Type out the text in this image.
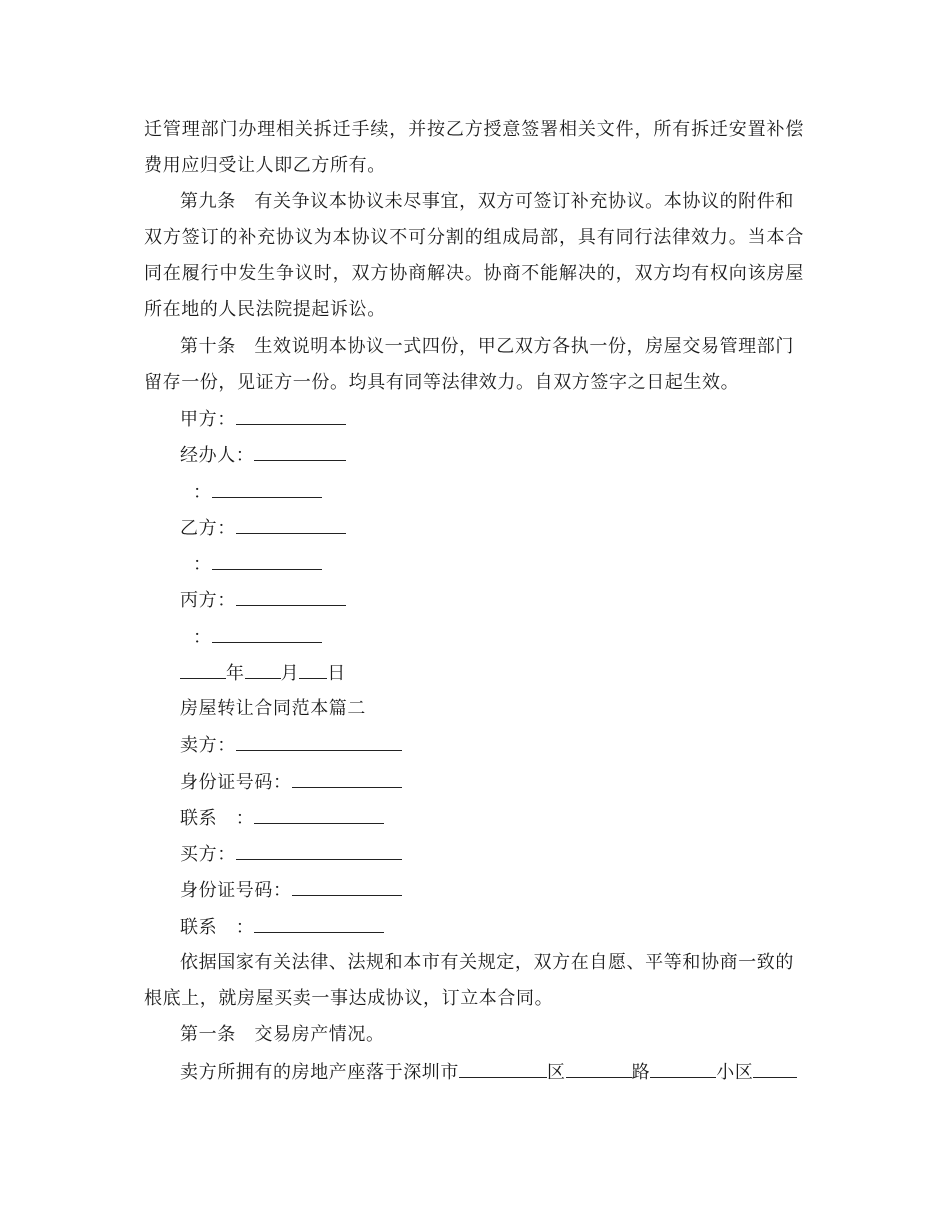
迁管理部门办理相关拆迁手续，并按乙方授意签署相关文件，所有拆迁安置补偿
费用应归受让人即乙方所有。
第九条　有关争议本协议未尽事宜，双方可签订补充协议。本协议的附件和
双方签订的补充协议为本协议不可分割的组成局部，具有同行法律效力。当本合
同在履行中发生争议时，双方协商解决。协商不能解决的，双方均有权向该房屋
所在地的人民法院提起诉讼。
第十条　生效说明本协议一式四份，甲乙双方各执一份，房屋交易管理部门
留存一份，见证方一份。均具有同等法律效力。自双方签字之日起生效。
甲方：
经办人：
：
乙方：
：
丙方：
：
年 月 日
房屋转让合同范本篇二
卖方：
身份证号码：
联系　：
买方：
身份证号码：
联系　：
依据国家有关法律、法规和本市有关规定，双方在自愿、平等和协商一致的
根底上，就房屋买卖一事达成协议，订立本合同。
第一条　交易房产情况。
卖方所拥有的房地产座落于深圳市	区	路	小区
